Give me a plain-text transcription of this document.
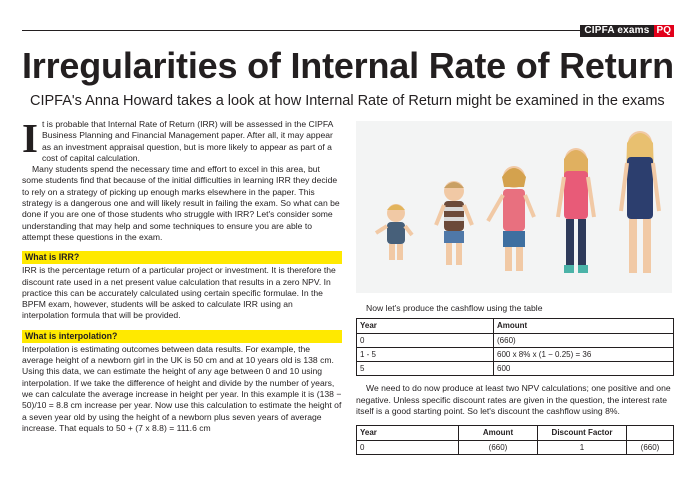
CIPFA exams PQ
Irregularities of Internal Rate of Return
CIPFA's Anna Howard takes a look at how Internal Rate of Return might be examined in the exams

It is probable that Internal Rate of Return (IRR) will be assessed in the CIPFA Business Planning and Financial Management paper. After all, it may appear as an investment appraisal question, but is more likely to appear as part of a cost of capital calculation.

Many students spend the necessary time and effort to excel in this area, but some students find that because of the initial difficulties in learning IRR they decide to rely on a strategy of picking up enough marks elsewhere in the paper. This strategy is a dangerous one and will likely result in failing the exam. So what can be done if you are one of those students who struggle with IRR? Let's consider some understanding that may help and some techniques to ensure you are able to attempt these questions in the exam.

What is IRR?

IRR is the percentage return of a particular project or investment. It is therefore the discount rate used in a net present value calculation that results in a zero NPV. In practice this can be accurately calculated using certain specific formulae. In the BPFM exam, however, students will be asked to calculate IRR using an interpolation formula that will be provided.

What is interpolation?

Interpolation is estimating outcomes between data results. For example, the average height of a newborn girl in the UK is 50 cm and at 10 years old is 138 cm. Using this data, we can estimate the height of any age between 0 and 10 using interpolation. If we take the difference of height and divide by the number of years, we can calculate the average increase in height per year. In this example it is (138 − 50)/10 = 8.8 cm increase per year. Now use this calculation to estimate the height of a seven year old by using the height of a newborn plus seven years of average increase. That equals to 50 + (7 x 8.8) = 111.6 cm

Now let's produce the cashflow using the table

Year	Amount
0	(660)
1 - 5	600 x 8% x (1 − 0.25) = 36
5	600

We need to do now produce at least two NPV calculations; one positive and one negative. Unless specific discount rates are given in the question, the interest rate itself is a good starting point. So let's discount the cashflow using 8%.

Year	Amount	Discount Factor	
0	(660)	1	(660)
